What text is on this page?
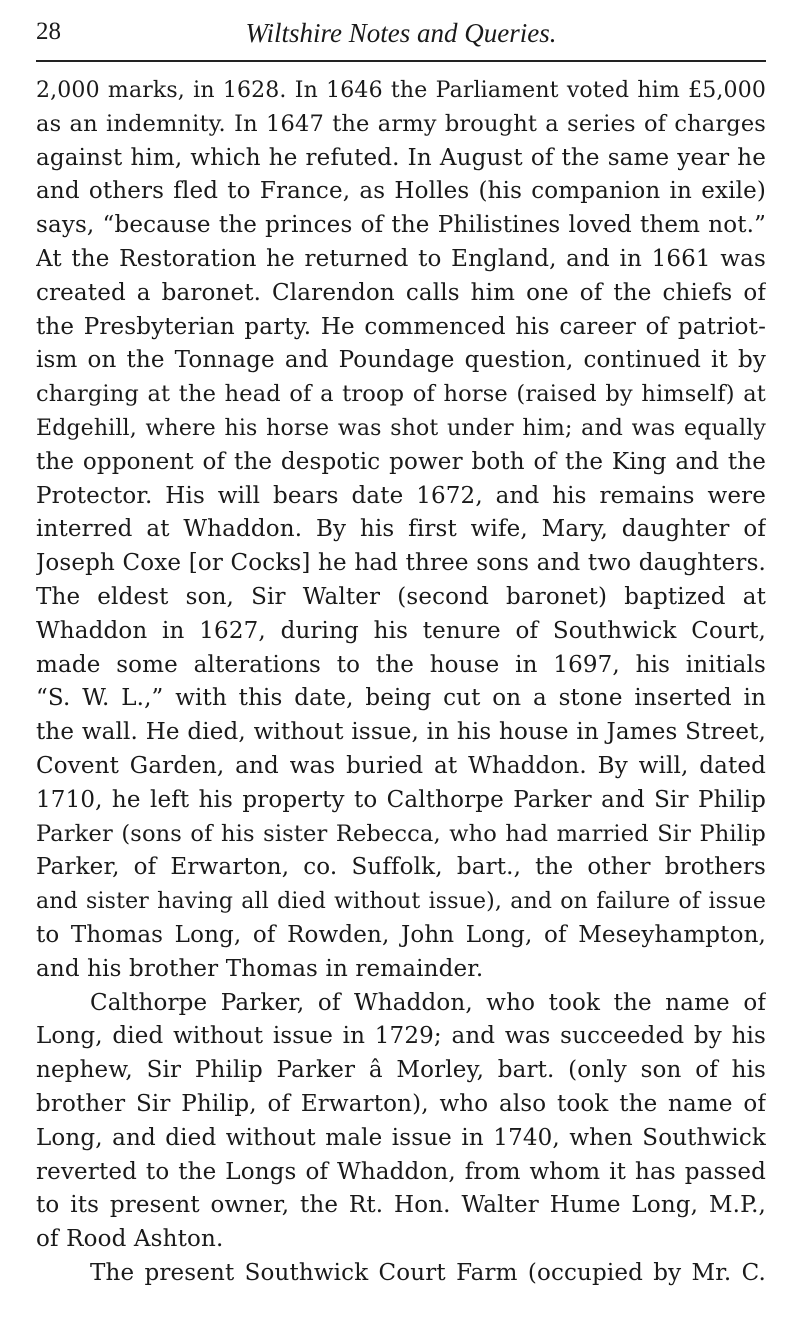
28	Wiltshire Notes and Queries.
2,000 marks, in 1628. In 1646 the Parliament voted him £5,000
as an indemnity. In 1647 the army brought a series of charges
against him, which he refuted. In August of the same year he
and others fled to France, as Holles (his companion in exile)
says, “because the princes of the Philistines loved them not.”
At the Restoration he returned to England, and in 1661 was
created a baronet. Clarendon calls him one of the chiefs of
the Presbyterian party. He commenced his career of patriot-
ism on the Tonnage and Poundage question, continued it by
charging at the head of a troop of horse (raised by himself) at
Edgehill, where his horse was shot under him; and was equally
the opponent of the despotic power both of the King and the
Protector. His will bears date 1672, and his remains were
interred at Whaddon. By his first wife, Mary, daughter of
Joseph Coxe [or Cocks] he had three sons and two daughters.
The eldest son, Sir Walter (second baronet) baptized at
Whaddon in 1627, during his tenure of Southwick Court,
made some alterations to the house in 1697, his initials
“S. W. L.,” with this date, being cut on a stone inserted in
the wall. He died, without issue, in his house in James Street,
Covent Garden, and was buried at Whaddon. By will, dated
1710, he left his property to Calthorpe Parker and Sir Philip
Parker (sons of his sister Rebecca, who had married Sir Philip
Parker, of Erwarton, co. Suffolk, bart., the other brothers
and sister having all died without issue), and on failure of issue
to Thomas Long, of Rowden, John Long, of Meseyhampton,
and his brother Thomas in remainder.
Calthorpe Parker, of Whaddon, who took the name of
Long, died without issue in 1729; and was succeeded by his
nephew, Sir Philip Parker â Morley, bart. (only son of his
brother Sir Philip, of Erwarton), who also took the name of
Long, and died without male issue in 1740, when Southwick
reverted to the Longs of Whaddon, from whom it has passed
to its present owner, the Rt. Hon. Walter Hume Long, M.P.,
of Rood Ashton.
The present Southwick Court Farm (occupied by Mr. C.
